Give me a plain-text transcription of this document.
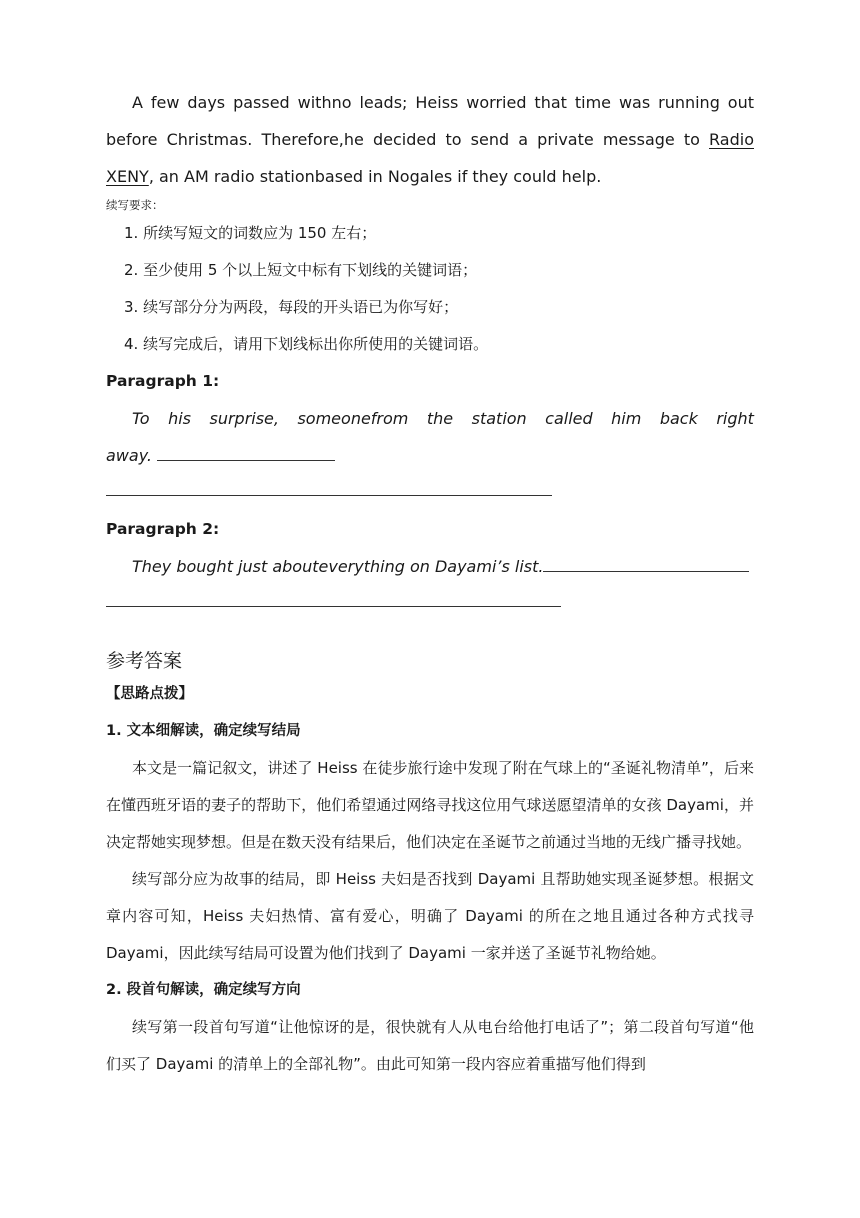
A few days passed withno leads; Heiss worried that time was running out before Christmas. Therefore,he decided to send a private message to Radio XENY, an AM radio stationbased in Nogales if they could help.

续写要求：

1. 所续写短文的词数应为 150 左右；

2. 至少使用 5 个以上短文中标有下划线的关键词语；

3. 续写部分分为两段，每段的开头语已为你写好；

4. 续写完成后，请用下划线标出你所使用的关键词语。

Paragraph 1:

To his surprise, someonefrom the station called him back right

away.

Paragraph 2:

They bought just abouteverything on Dayami’s list.

参考答案

【思路点拨】

1. 文本细解读，确定续写结局

本文是一篇记叙文，讲述了 Heiss 在徒步旅行途中发现了附在气球上的“圣诞礼物清单”，后来在懂西班牙语的妻子的帮助下，他们希望通过网络寻找这位用气球送愿望清单的女孩 Dayami，并决定帮她实现梦想。但是在数天没有结果后，他们决定在圣诞节之前通过当地的无线广播寻找她。

续写部分应为故事的结局，即 Heiss 夫妇是否找到 Dayami 且帮助她实现圣诞梦想。根据文章内容可知，Heiss 夫妇热情、富有爱心，明确了 Dayami 的所在之地且通过各种方式找寻 Dayami，因此续写结局可设置为他们找到了 Dayami 一家并送了圣诞节礼物给她。

2. 段首句解读，确定续写方向

续写第一段首句写道“让他惊讶的是，很快就有人从电台给他打电话了”；第二段首句写道“他们买了 Dayami 的清单上的全部礼物”。由此可知第一段内容应着重描写他们得到
